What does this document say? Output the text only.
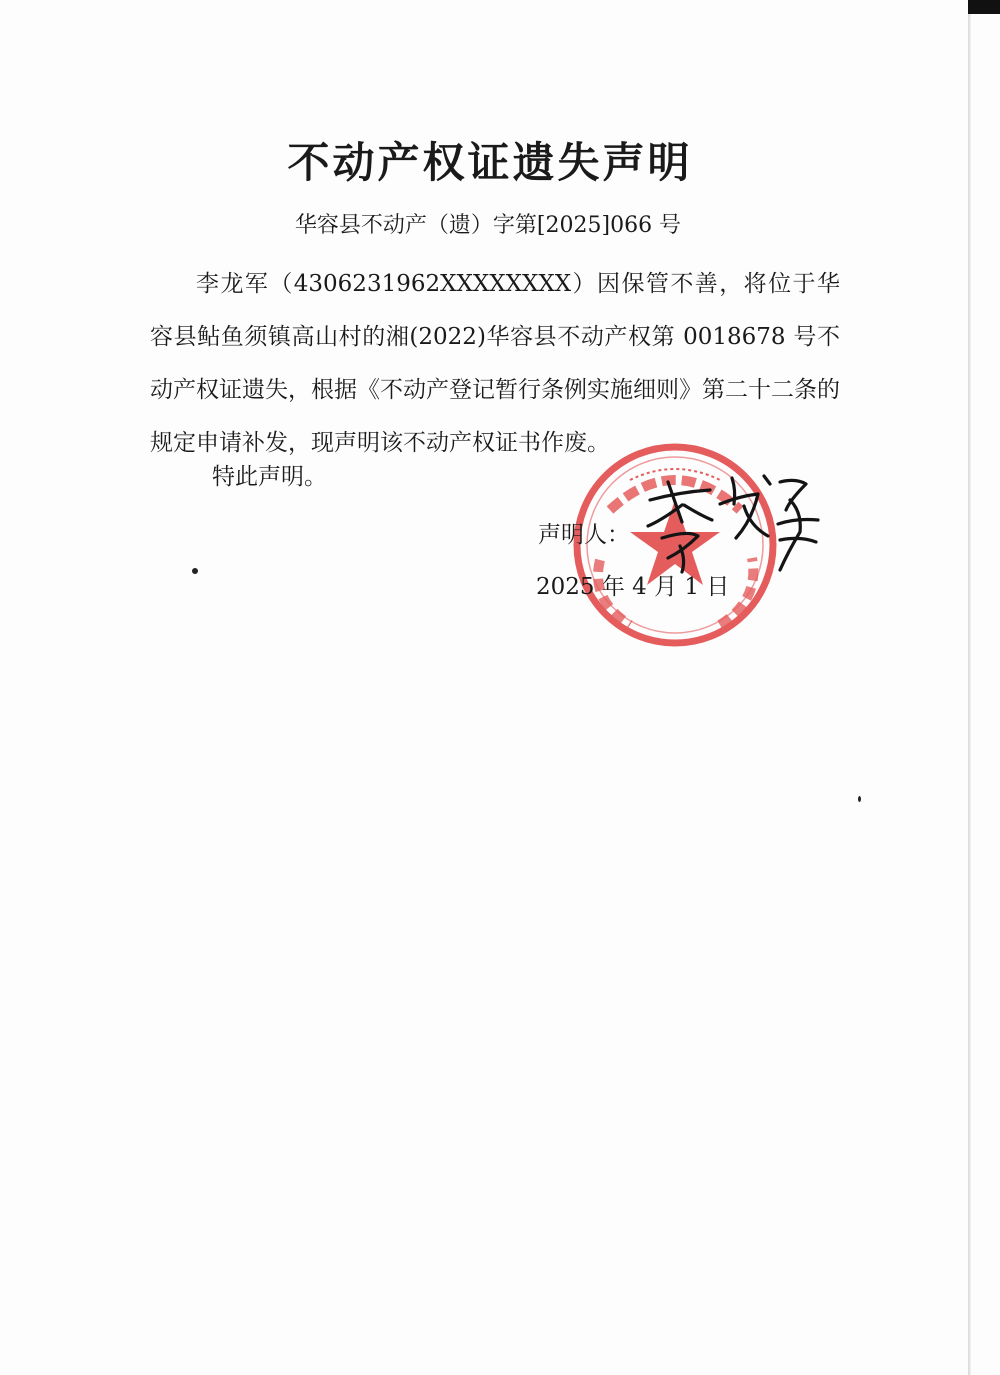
不动产权证遗失声明
华容县不动产（遗）字第[2025]066 号

李龙军（4306231962XXXXXXXX）因保管不善，将位于华容县鲇鱼须镇高山村的湘(2022)华容县不动产权第 0018678 号不动产权证遗失，根据《不动产登记暂行条例实施细则》第二十二条的规定申请补发，现声明该不动产权证书作废。

特此声明。
声明人：
2025 年 4 月 1 日
